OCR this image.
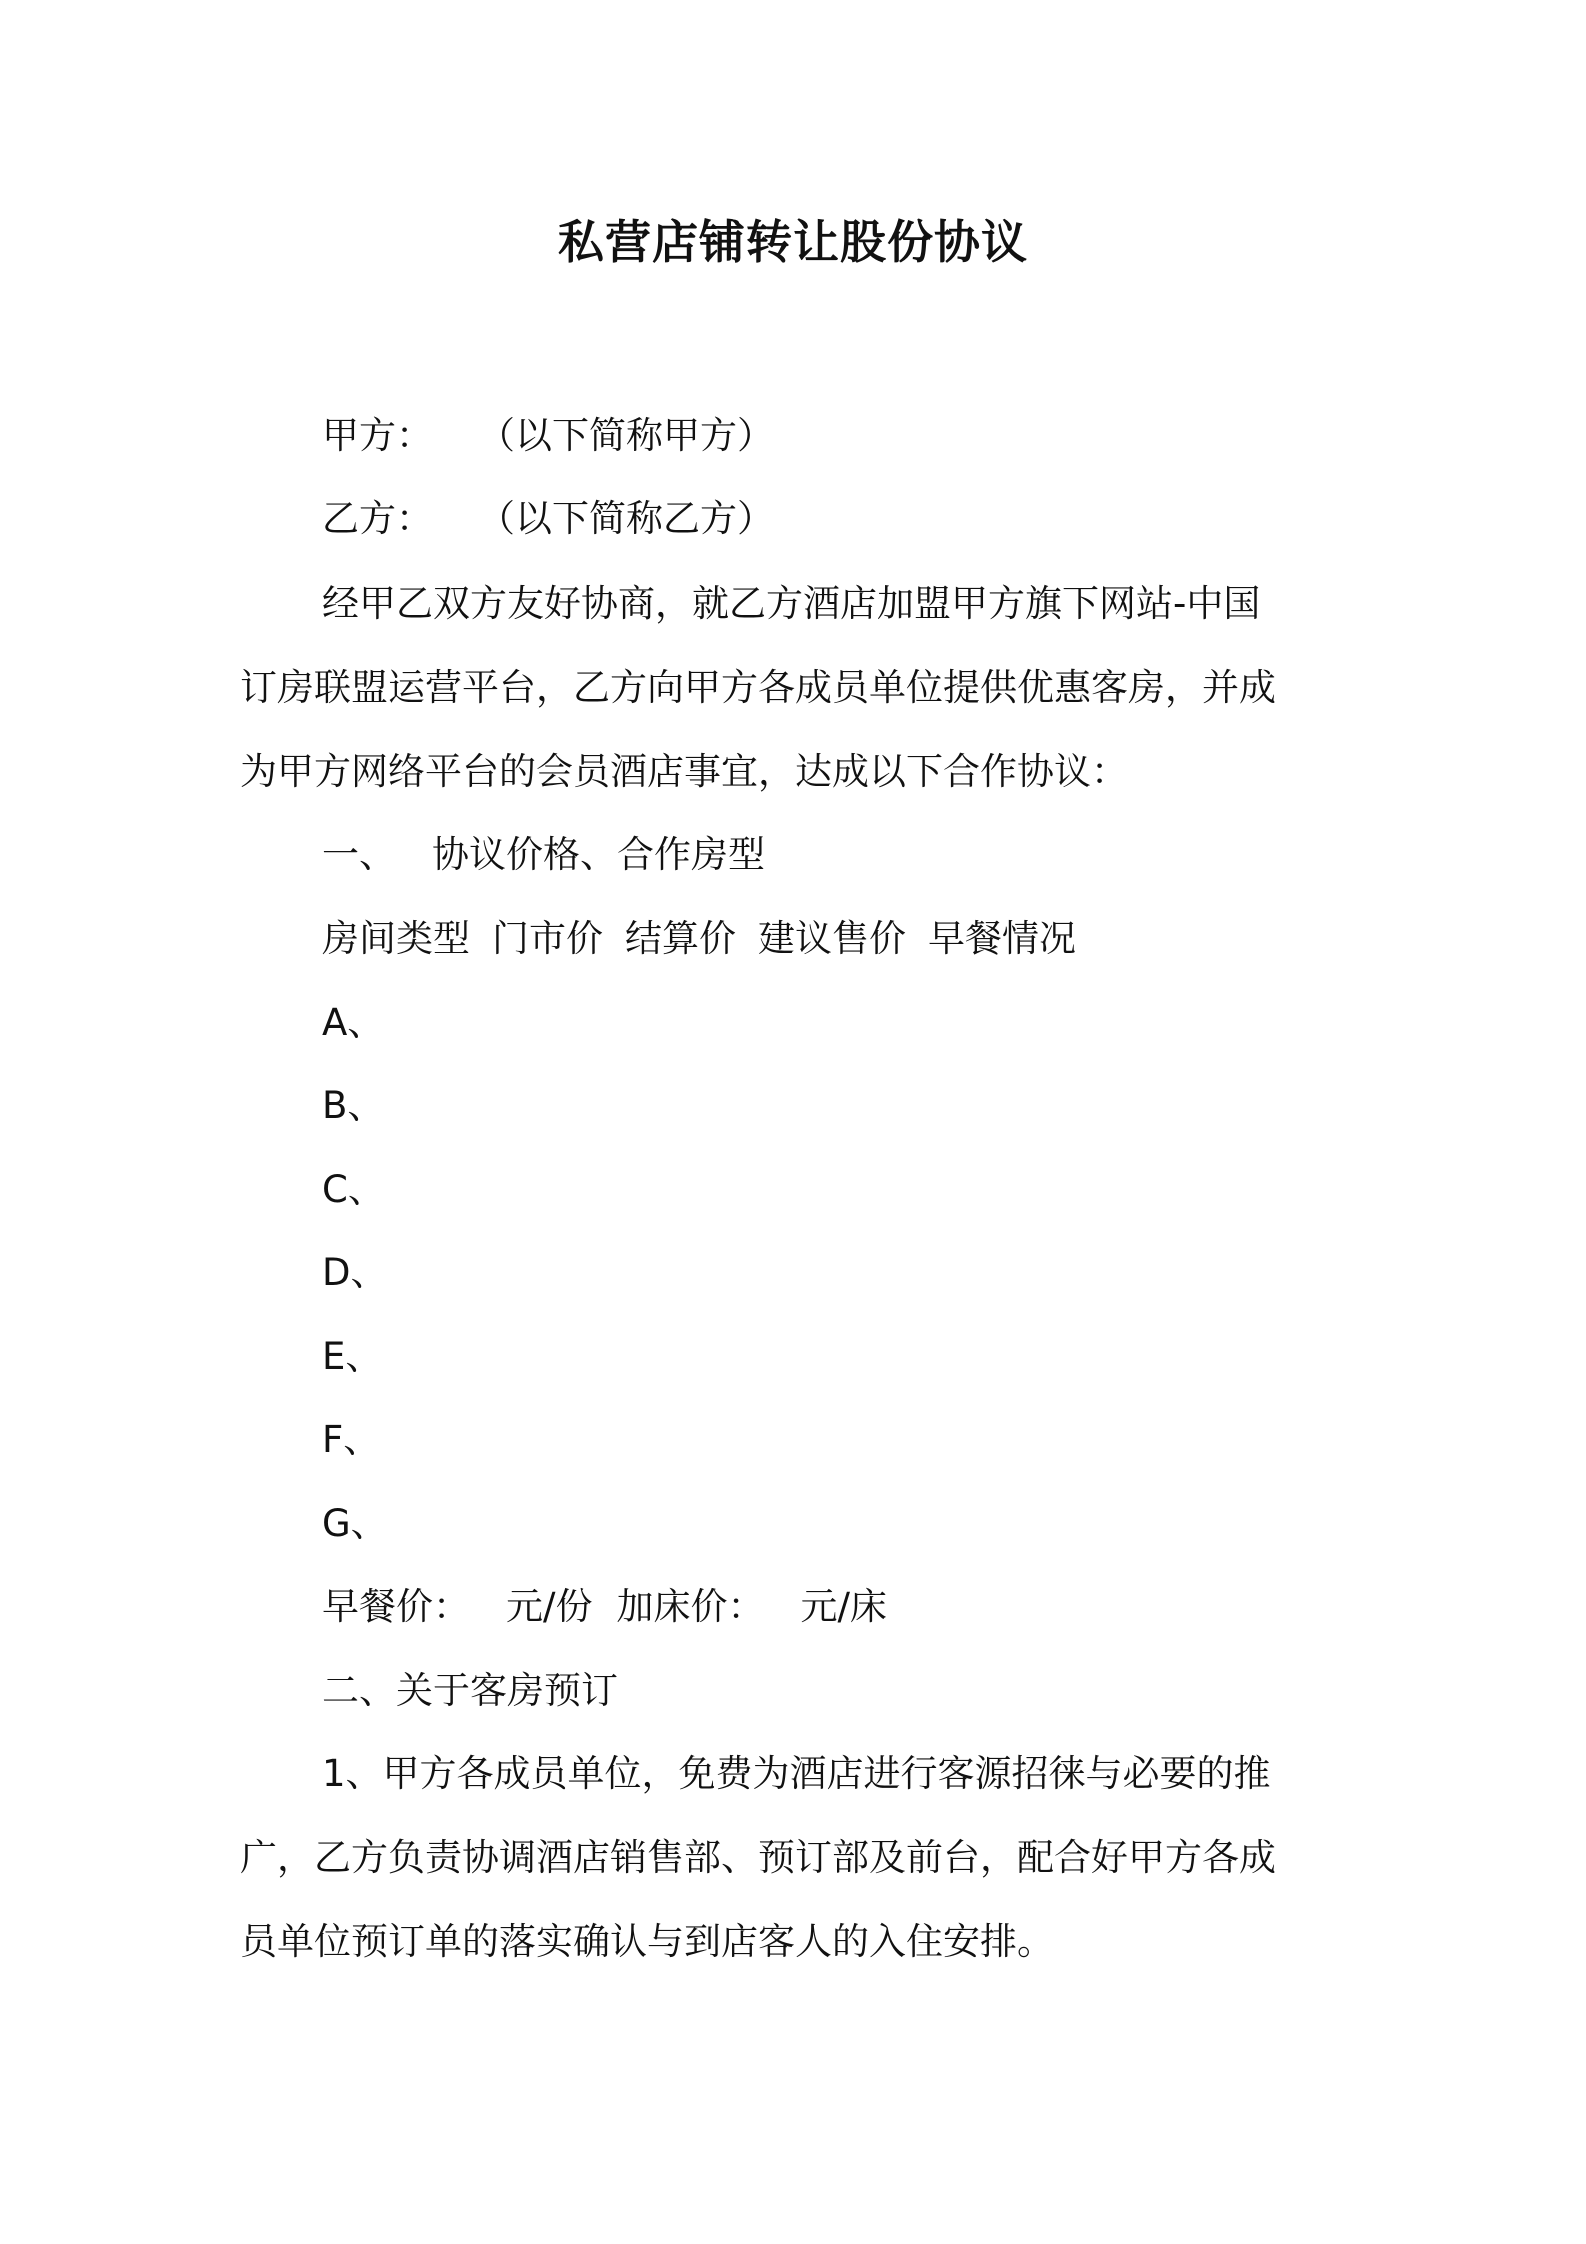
私营店铺转让股份协议
甲方： （以下简称甲方）
乙方： （以下简称乙方）
经甲乙双方友好协商，就乙方酒店加盟甲方旗下网站-中国
订房联盟运营平台，乙方向甲方各成员单位提供优惠客房，并成
为甲方网络平台的会员酒店事宜，达成以下合作协议：
一、 协议价格、合作房型
房间类型 门市价 结算价 建议售价 早餐情况
A、
B、
C、
D、
E、
F、
G、
早餐价： 元/份 加床价： 元/床
二、关于客房预订
1、甲方各成员单位，免费为酒店进行客源招徕与必要的推
广，乙方负责协调酒店销售部、预订部及前台，配合好甲方各成
员单位预订单的落实确认与到店客人的入住安排。
